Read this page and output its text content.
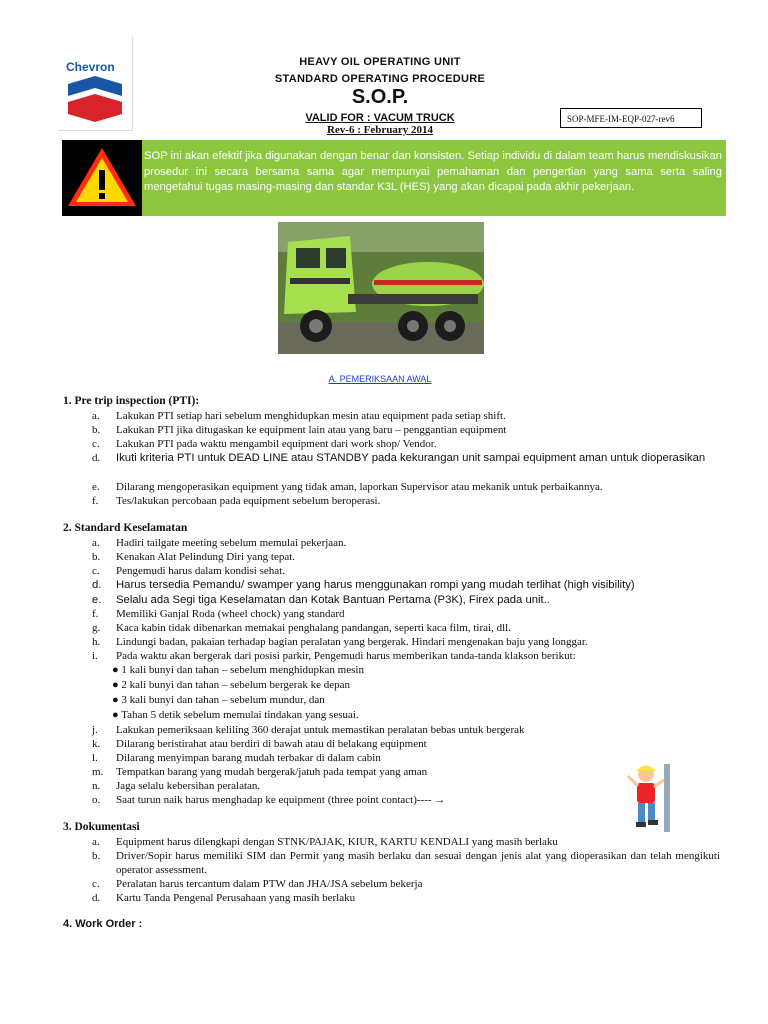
Chevron	HEAVY OIL OPERATING UNIT
STANDARD OPERATING PROCEDURE
S.O.P.
VALID FOR : VACUM TRUCK
Rev-6 : February 2014
SOP-MFE-IM-EQP-027-rev6
SOP ini akan efektif jika digunakan dengan benar dan konsisten. Setiap individu di dalam team harus mendiskusikan prosedur ini secara bersama sama agar mempunyai pemahaman dan pengertian yang sama serta saling mengetahui tugas masing-masing dan standar K3L (HES) yang akan dicapai pada akhir pekerjaan.
A. PEMERIKSAAN AWAL
1. Pre trip inspection (PTI):
a.	Lakukan PTI setiap hari sebelum menghidupkan mesin atau equipment pada setiap shift.
b.	Lakukan PTI jika ditugaskan ke equipment lain atau yang baru – penggantian equipment
c.	Lakukan PTI pada waktu mengambil equipment dari work shop/ Vendor.
d.	Ikuti kriteria PTI untuk DEAD LINE atau STANDBY pada kekurangan unit sampai equipment aman untuk dioperasikan
e.	Dilarang mengoperasikan equipment yang tidak aman, laporkan Supervisor atau mekanik untuk perbaikannya.
f.	Tes/lakukan percobaan pada equipment sebelum beroperasi.
2. Standard Keselamatan
a.	Hadiri tailgate meeting sebelum memulai pekerjaan.
b.	Kenakan Alat Pelindung Diri yang tepat.
c.	Pengemudi harus dalam kondisi sehat.
d.	Harus tersedia Pemandu/ swamper yang harus menggunakan rompi yang mudah terlihat (high visibility)
e.	Selalu ada Segi tiga Keselamatan dan Kotak Bantuan Pertama (P3K), Firex pada unit..
f.	Memiliki Ganjal Roda (wheel chock) yang standard
g.	Kaca kabin tidak dibenarkan memakai penghalang pandangan, seperti kaca film, tirai, dll.
h.	Lindungi badan, pakaian terhadap bagian peralatan yang bergerak. Hindari mengenakan baju yang longgar.
i.	Pada waktu akan bergerak dari posisi parkir, Pengemudi harus memberikan tanda-tanda klakson berikut:
● 1 kali bunyi dan tahan – sebelum menghidupkan mesin
● 2 kali bunyi dan tahan – sebelum bergerak ke depan
● 3 kali bunyi dan tahan – sebelum mundur, dan
● Tahan 5 detik sebelum memulai tindakan yang sesuai.
j.	Lakukan pemeriksaan keliling 360 derajat untuk memastikan peralatan bebas untuk bergerak
k.	Dilarang beristirahat atau berdiri di bawah atau di belakang equipment
l.	Dilarang menyimpan barang mudah terbakar di dalam cabin
m.	Tempatkan barang yang mudah bergerak/jatuh pada tempat yang aman
n.	Jaga selalu kebersihan peralatan.
o.	Saat turun naik harus menghadap ke equipment (three point contact)---- →
3. Dokumentasi
a.	Equipment harus dilengkapi dengan STNK/PAJAK, KIUR, KARTU KENDALI yang masih berlaku
b.	Driver/Sopir harus memiliki SIM dan Permit yang masih berlaku dan sesuai dengan jenis alat yang dioperasikan dan telah mengikuti operator assessment.
c.	Peralatan harus tercantum dalam PTW dan JHA/JSA sebelum bekerja
d.	Kartu Tanda Pengenal Perusahaan yang masih berlaku
4. Work Order :
